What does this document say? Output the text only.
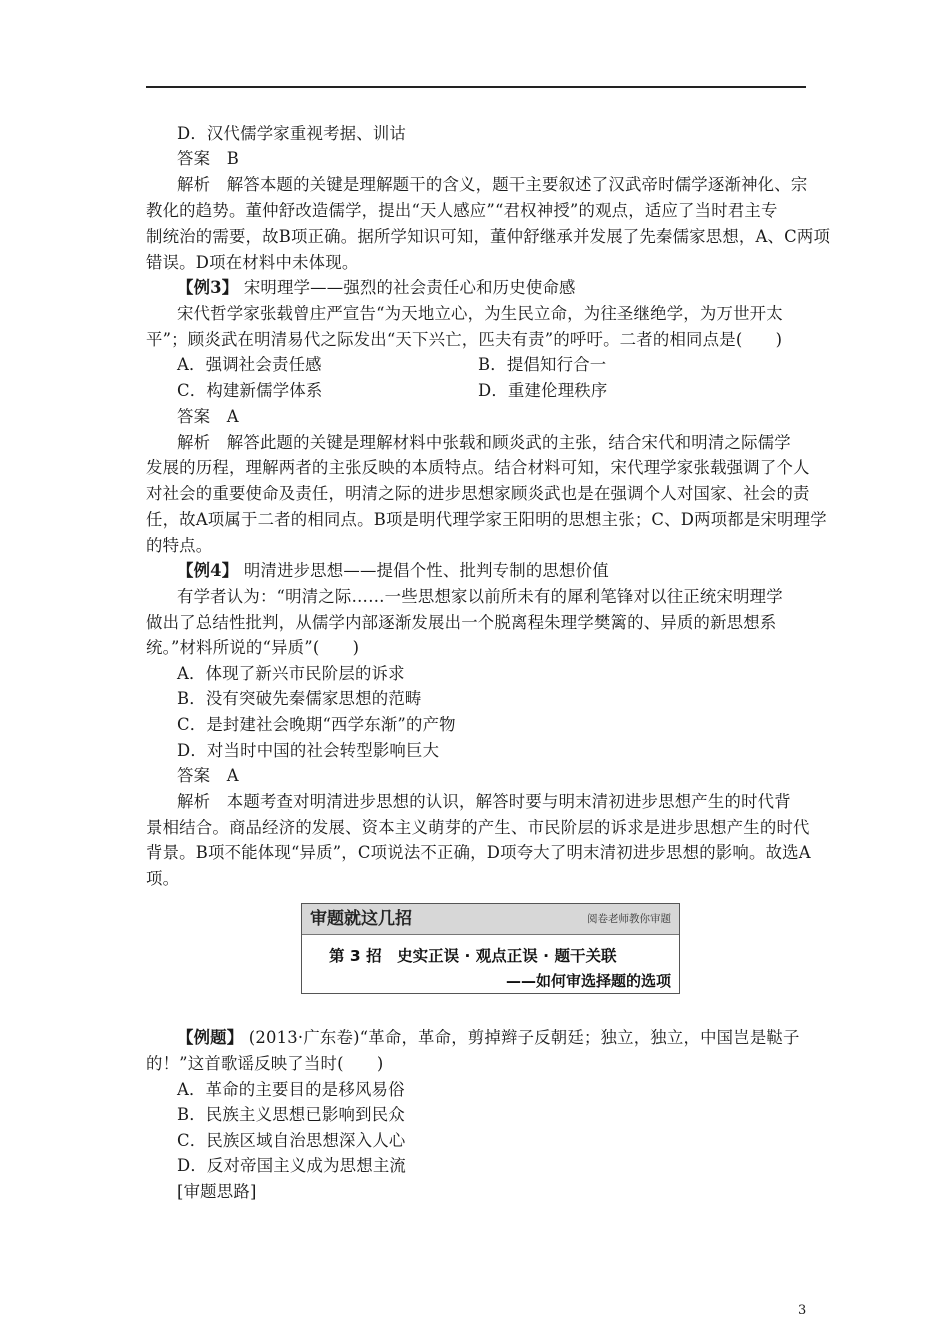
D．汉代儒学家重视考据、训诂
答案　B
解析　解答本题的关键是理解题干的含义，题干主要叙述了汉武帝时儒学逐渐神化、宗
教化的趋势。董仲舒改造儒学，提出“天人感应”“君权神授”的观点，适应了当时君主专
制统治的需要，故B项正确。据所学知识可知，董仲舒继承并发展了先秦儒家思想，A、C两项
错误。D项在材料中未体现。
【例3】 宋明理学——强烈的社会责任心和历史使命感
宋代哲学家张载曾庄严宣告“为天地立心，为生民立命，为往圣继绝学，为万世开太
平”；顾炎武在明清易代之际发出“天下兴亡，匹夫有责”的呼吁。二者的相同点是(　　)
A．强调社会责任感	B．提倡知行合一
C．构建新儒学体系	D．重建伦理秩序
答案　A
解析　解答此题的关键是理解材料中张载和顾炎武的主张，结合宋代和明清之际儒学
发展的历程，理解两者的主张反映的本质特点。结合材料可知，宋代理学家张载强调了个人
对社会的重要使命及责任，明清之际的进步思想家顾炎武也是在强调个人对国家、社会的责
任，故A项属于二者的相同点。B项是明代理学家王阳明的思想主张；C、D两项都是宋明理学
的特点。
【例4】 明清进步思想——提倡个性、批判专制的思想价值
有学者认为：“明清之际……一些思想家以前所未有的犀利笔锋对以往正统宋明理学
做出了总结性批判，从儒学内部逐渐发展出一个脱离程朱理学樊篱的、异质的新思想系
统。”材料所说的“异质”(　　)
A．体现了新兴市民阶层的诉求
B．没有突破先秦儒家思想的范畴
C．是封建社会晚期“西学东渐”的产物
D．对当时中国的社会转型影响巨大
答案　A
解析　本题考查对明清进步思想的认识，解答时要与明末清初进步思想产生的时代背
景相结合。商品经济的发展、资本主义萌芽的产生、市民阶层的诉求是进步思想产生的时代
背景。B项不能体现“异质”，C项说法不正确，D项夸大了明末清初进步思想的影响。故选A
项。
审题就这几招	阅卷老师教你审题
第 3 招　史实正误 · 观点正误 · 题干关联
——如何审选择题的选项
【例题】 (2013·广东卷)“革命，革命，剪掉辫子反朝廷；独立，独立，中国岂是鞑子
的！”这首歌谣反映了当时(　　)
A．革命的主要目的是移风易俗
B．民族主义思想已影响到民众
C．民族区域自治思想深入人心
D．反对帝国主义成为思想主流
[审题思路]
3
